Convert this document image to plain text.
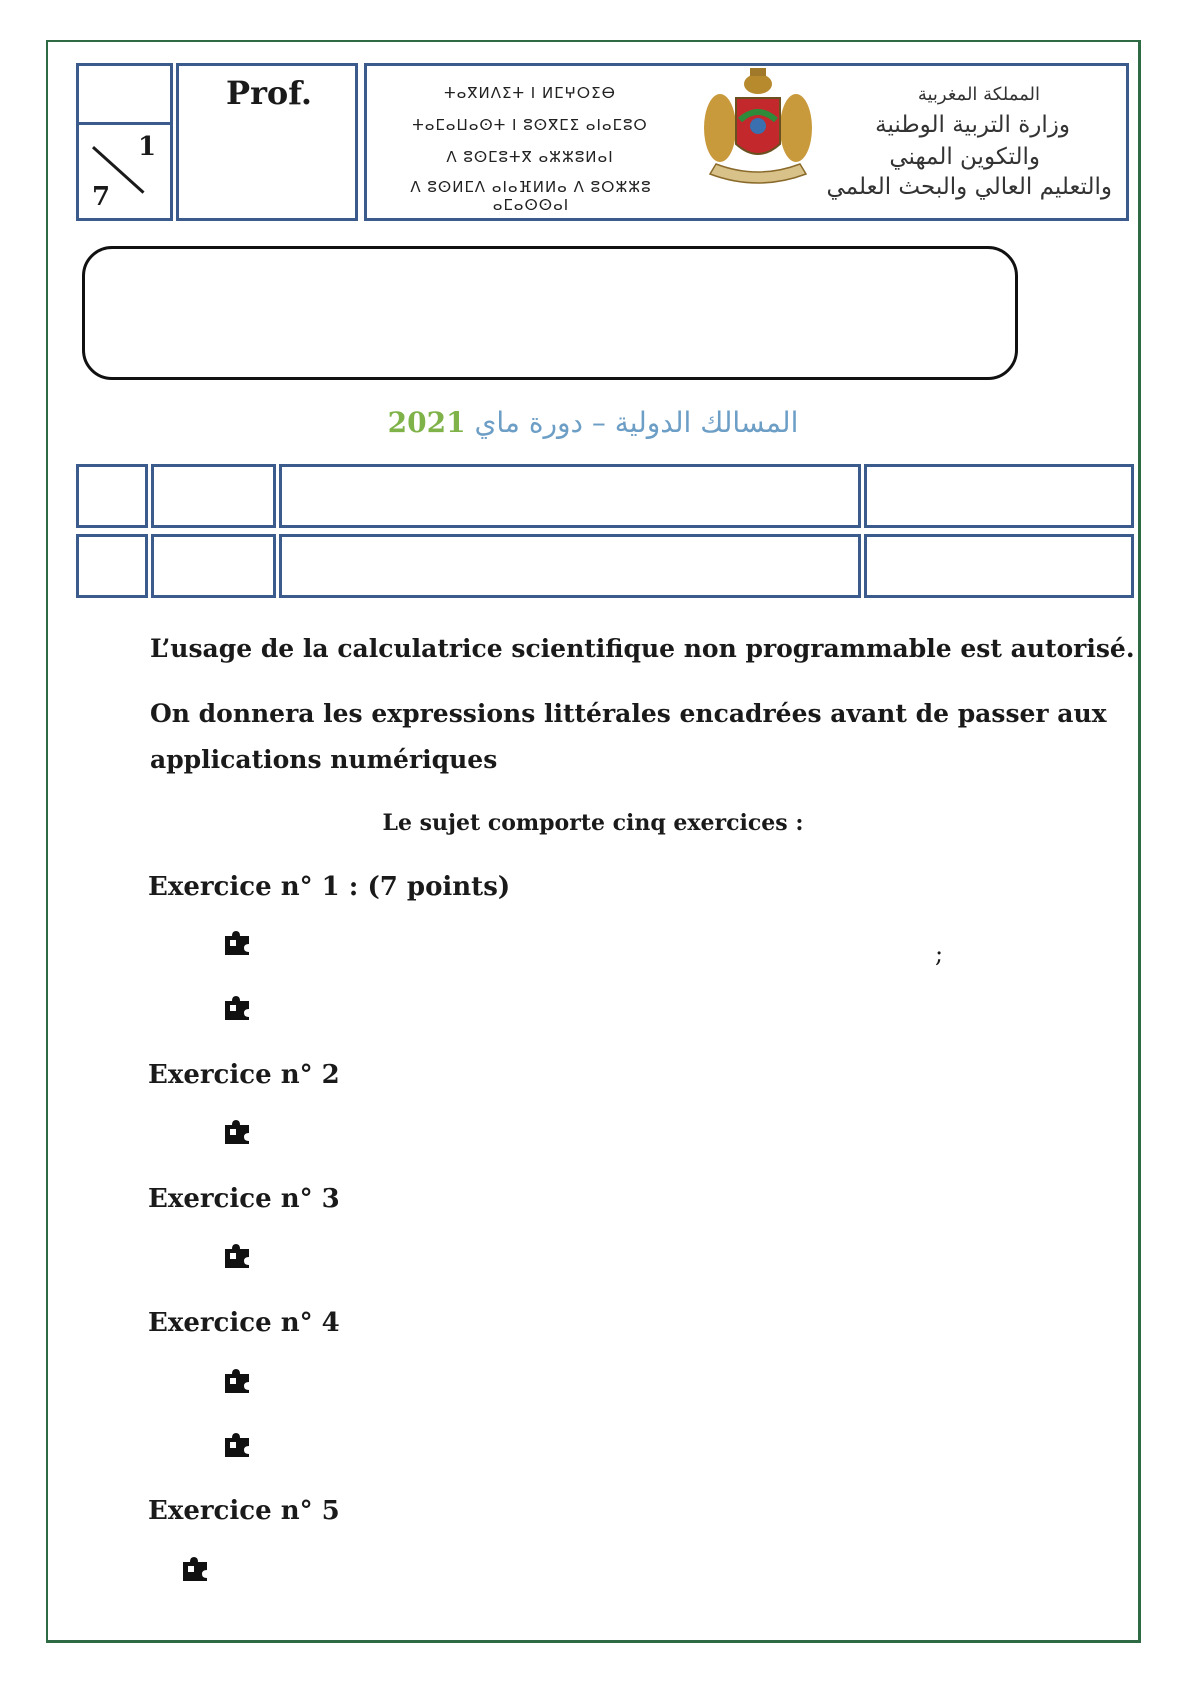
1
7
Prof.	ⵜⴰⴳⵍⴷⵉⵜ ⵏ ⵍⵎⵖⵔⵉⴱ
ⵜⴰⵎⴰⵡⴰⵙⵜ ⵏ ⵓⵙⴳⵎⵉ ⴰⵏⴰⵎⵓⵔ
ⴷ ⵓⵙⵎⵓⵜⴳ ⴰⵣⵣⵓⵍⴰⵏ
ⴷ ⵓⵙⵍⵎⴷ ⴰⵏⴰⴼⵍⵍⴰ ⴷ ⵓⵔⵣⵣⵓ ⴰⵎⴰⵙⵙⴰⵏ
المملكة المغربية
وزارة التربية الوطنية
والتكوين المهني
والتعليم العالي والبحث العلمي
2021 المسالك الدولية – دورة ماي
L’usage de la calculatrice scientifique non programmable est autorisé.
On donnera les expressions littérales encadrées avant de passer aux
applications numériques
Le sujet comporte cinq exercices :
Exercice n° 1 : (7 points)
;
Exercice n° 2
Exercice n° 3
Exercice n° 4
Exercice n° 5
